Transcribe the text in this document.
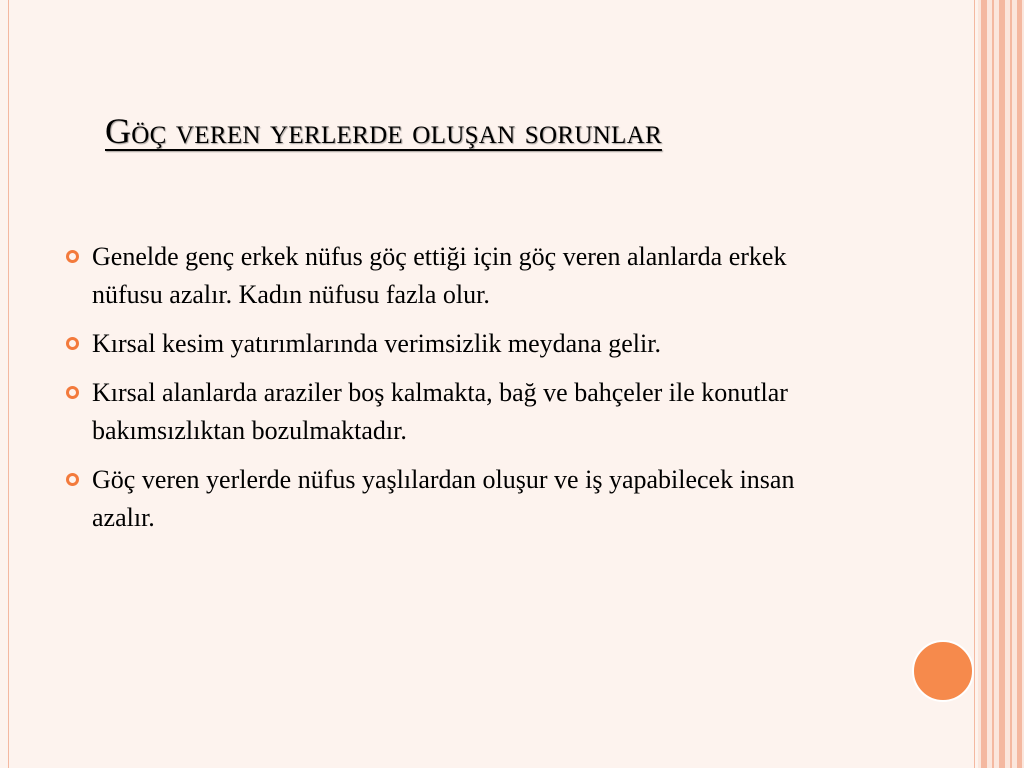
Göç veren yerlerde oluşan sorunlar
Genelde genç erkek nüfus göç ettiği için göç veren alanlarda erkek nüfusu azalır. Kadın nüfusu fazla olur.
Kırsal kesim yatırımlarında verimsizlik meydana gelir.
Kırsal alanlarda araziler boş kalmakta, bağ ve bahçeler ile konutlar bakımsızlıktan bozulmaktadır.
Göç veren yerlerde nüfus yaşlılardan oluşur ve iş yapabilecek insan azalır.
